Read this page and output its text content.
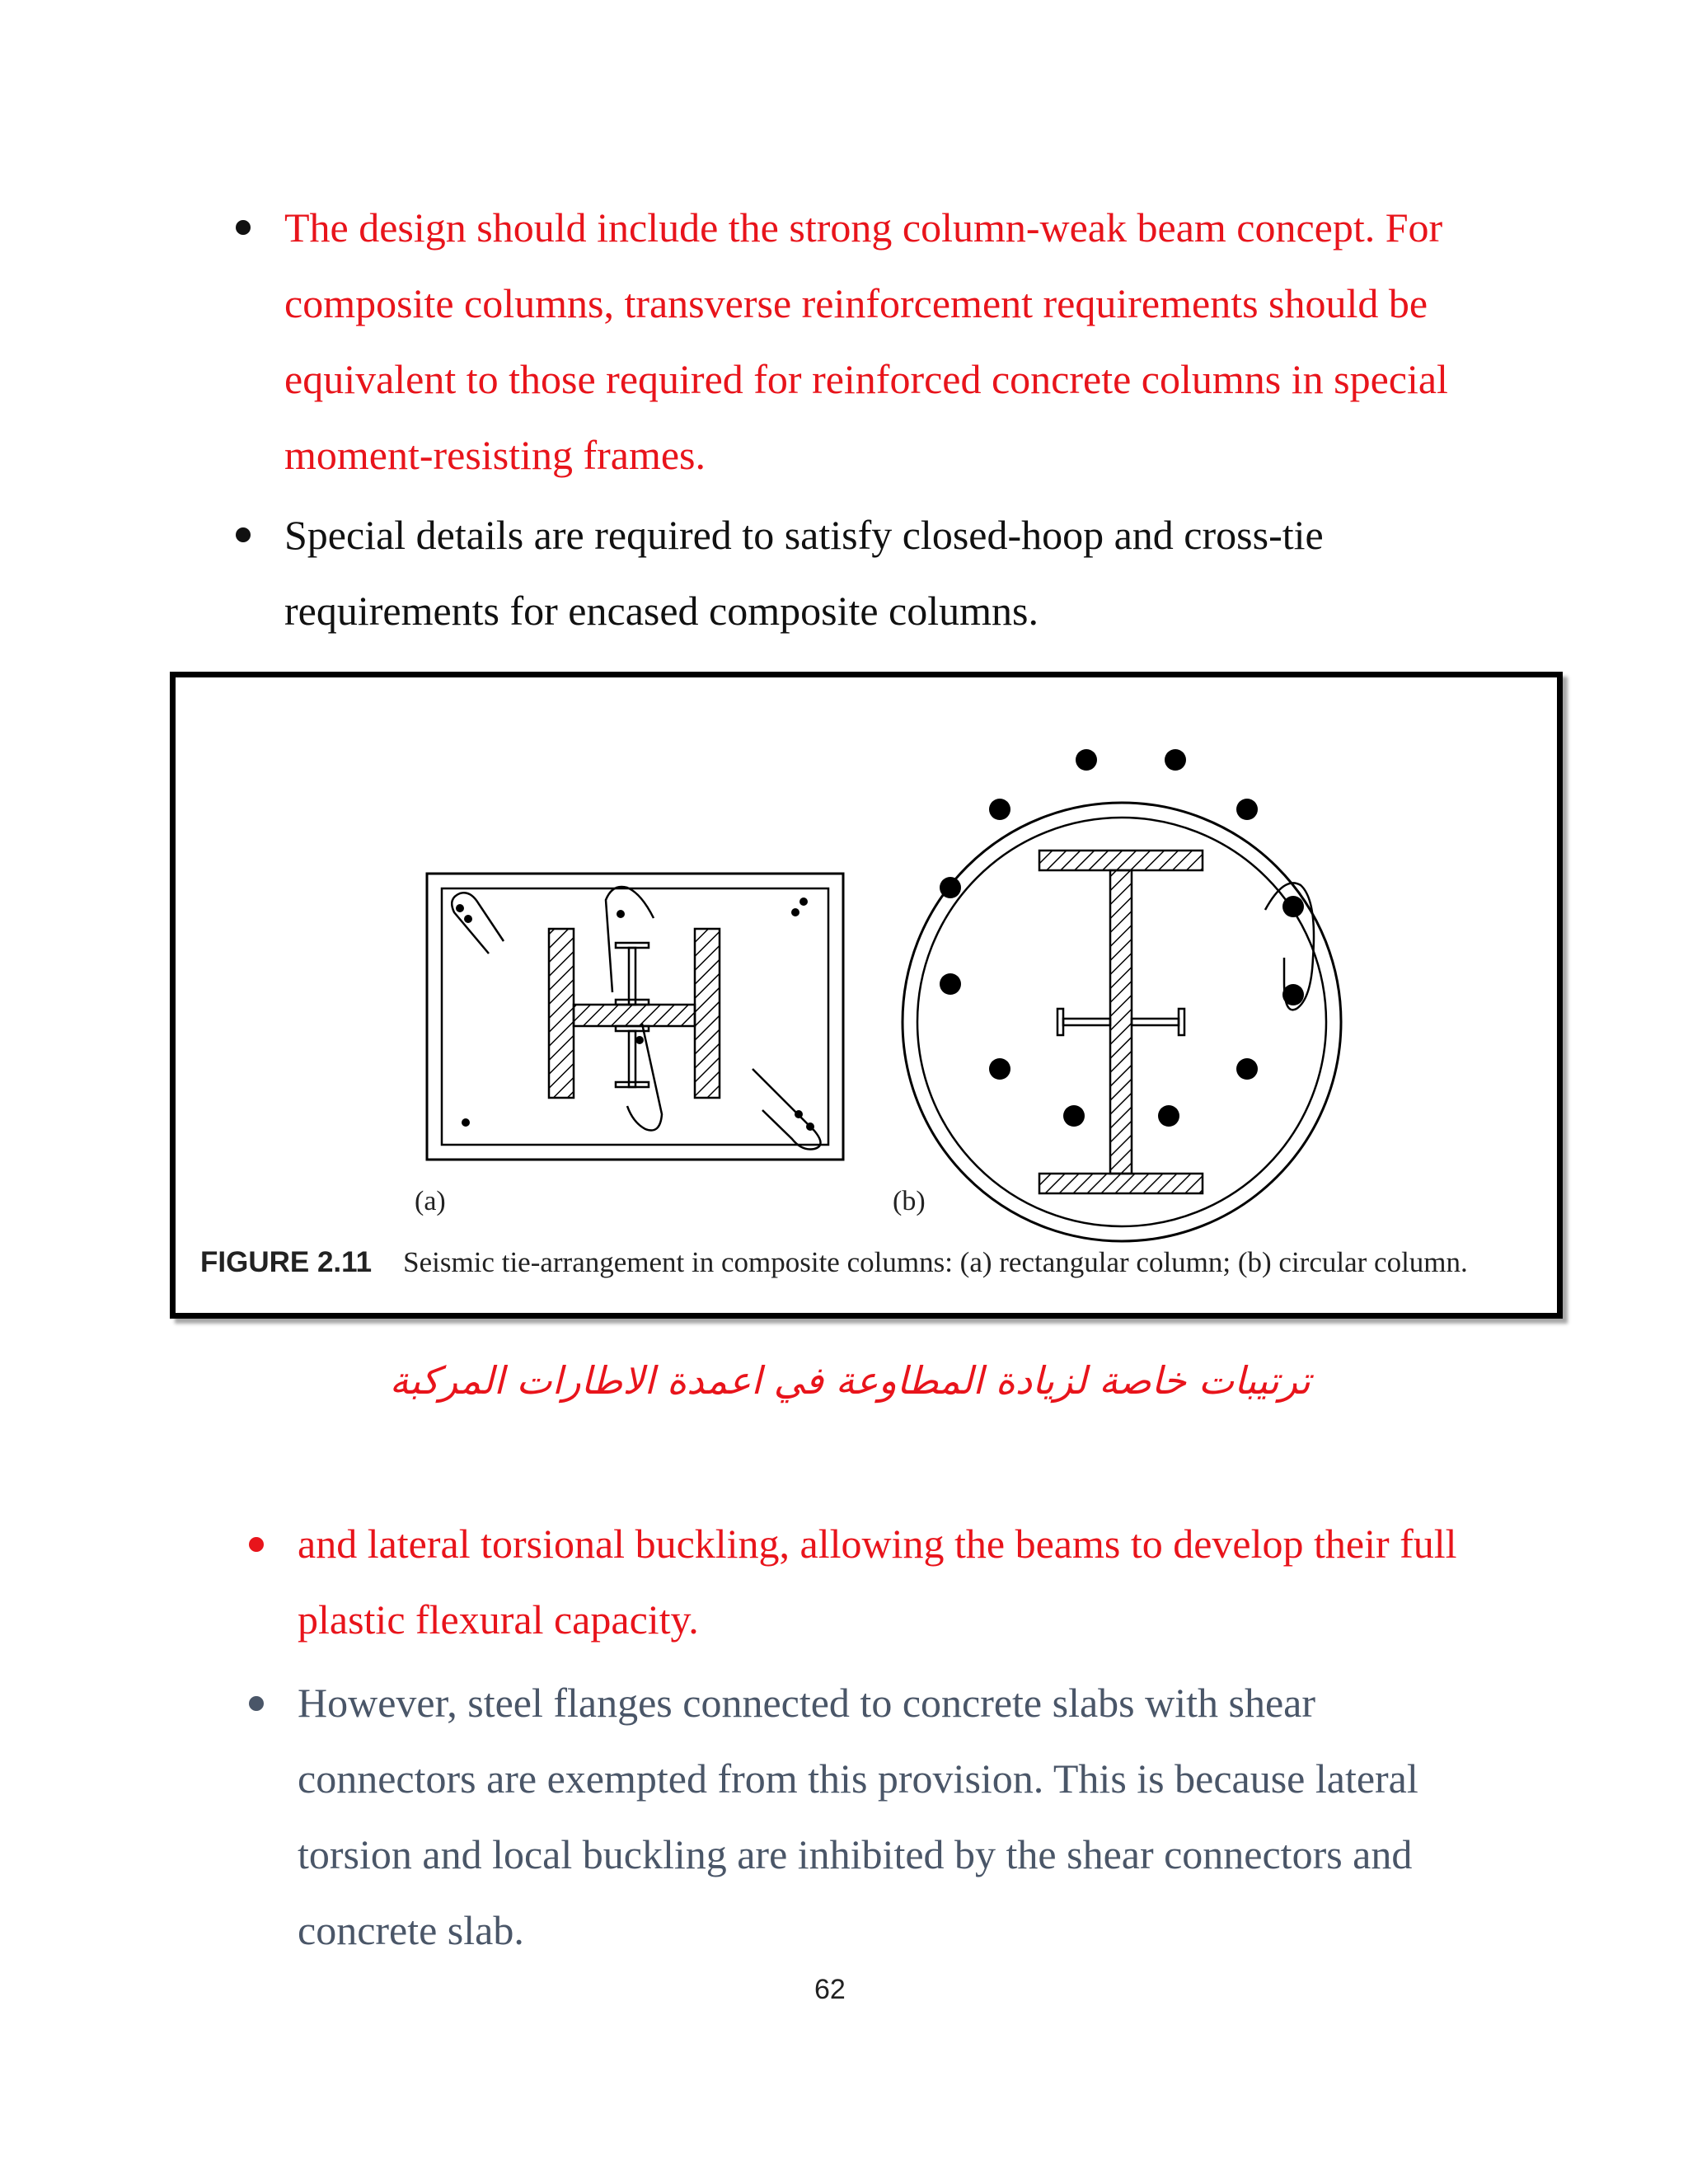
The design should include the strong column-weak beam concept. For
composite columns, transverse reinforcement requirements should be
equivalent to those required for reinforced concrete columns in special
moment-resisting frames.
Special details are required to satisfy closed-hoop and cross-tie
requirements for encased composite columns.
(a)	(b)
FIGURE 2.11 Seismic tie-arrangement in composite columns: (a) rectangular column; (b) circular column.
ترتيبات خاصة لزيادة المطاوعة في اعمدة الاطارات المركبة
and lateral torsional buckling, allowing the beams to develop their full
plastic flexural capacity.
However, steel flanges connected to concrete slabs with shear
connectors are exempted from this provision. This is because lateral
torsion and local buckling are inhibited by the shear connectors and
concrete slab.
62
